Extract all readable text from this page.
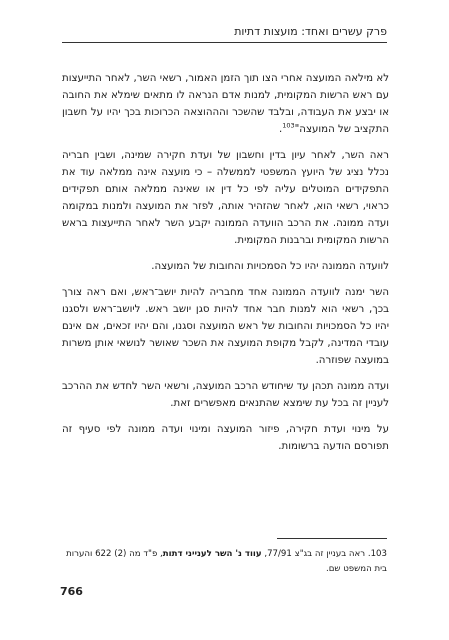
פרק עשרים ואחד: מועצות דתיות

לא מילאה המועצה אחרי הצו תוך הזמן האמור, רשאי השר, לאחר התייעצות עם ראש הרשות המקומית, למנות אדם הנראה לו מתאים שימלא את החובה או יבצע את העבודה, ובלבד שהשכר והההוצאה הכרוכות בכך יהיו על חשבון התקציב של המועצה"$^{103}$.

ראה השר, לאחר עיון בדין וחשבון של ועדת חקירה שמינה, ושבין חבריה נכלל נציג של היועץ המשפטי לממשלה – כי מועצה אינה ממלאה עוד את התפקידים המוטלים עליה לפי כל דין או שאינה ממלאה אותם תפקידים כראוי, רשאי הוא, לאחר שהזהיר אותה, לפזר את המועצה ולמנות במקומה ועדה ממונה. את הרכב הוועדה הממונה יקבע השר לאחר התייעצות בראש הרשות המקומית וברבנות המקומית.

לוועדה הממונה יהיו כל הסמכויות והחובות של המועצה.

השר ימנה לוועדה הממונה אחד מחבריה להיות יושב־ראש, ואם ראה צורך בכך, רשאי הוא למנות חבר אחד להיות סגן יושב ראש. ליושב־ראש ולסגנו יהיו כל הסמכויות והחובות של ראש המועצה וסגנו, והם יהיו זכאים, אם אינם עובדי המדינה, לקבל מקופת המועצה את השכר שאושר לנושאי אותן משרות במועצה שפוזרה.

ועדה ממונה תכהן עד שיחודש הרכב המועצה, ורשאי השר לחדש את ההרכב לעניין זה בכל עת שימצא שהתנאים מאפשרים זאת.

על מינוי ועדת חקירה, פיזור המועצה ומינוי ועדה ממונה לפי סעיף זה תפורסם הודעה ברשומות.

103. ראה בעניין זה בג"צ 77/91, עווד נ' השר לענייני דתות, פ"ד מה (2) 622 והערות בית המשפט שם.
766
